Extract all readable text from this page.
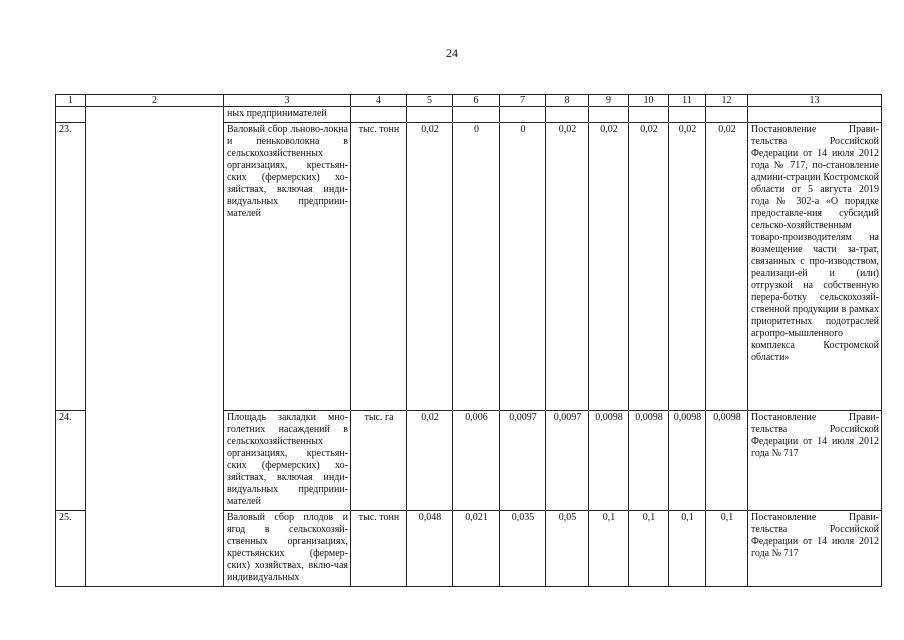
24
1	2	3	4	5	6	7	8	9	10	11	12	13
		ных предпринимателей										
23.		Валовый сбор льново-локна и пеньковолокна в сельскохозяйственных организациях, крестьян-ских (фермерских) хо-зяйствах, включая инди-видуальных предприни-мателей	тыс. тонн	0,02	0	0	0,02	0,02	0,02	0,02	0,02	Постановление Прави-тельства Российской Федерации от 14 июля 2012 года № 717, по-становление админи-страции Костромской области от 5 августа 2019 года № 302-а «О порядке предоставле-ния субсидий сельско-хозяйственным товаро-производителям на возмещение части за-трат, связанных с про-изводством, реализаци-ей и (или) отгрузкой на собственную перера-ботку сельскохозяй-ственной продукции в рамках приоритетных подотраслей агропро-мышленного комплекса Костромской области»
24.		Площадь закладки мно-голетних насаждений в сельскохозяйственных организациях, крестьян-ских (фермерских) хо-зяйствах, включая инди-видуальных предприни-мателей	тыс. га	0,02	0,006	0,0097	0,0097	0,0098	0,0098	0,0098	0,0098	Постановление Прави-тельства Российской Федерации от 14 июля 2012 года № 717
25.		Валовый сбор плодов и ягод в сельскохозяй-ственных организациях, крестьянских (фермер-ских) хозяйствах, вклю-чая индивидуальных	тыс. тонн	0,048	0,021	0,035	0,05	0,1	0,1	0,1	0,1	Постановление Прави-тельства Российской Федерации от 14 июля 2012 года № 717
